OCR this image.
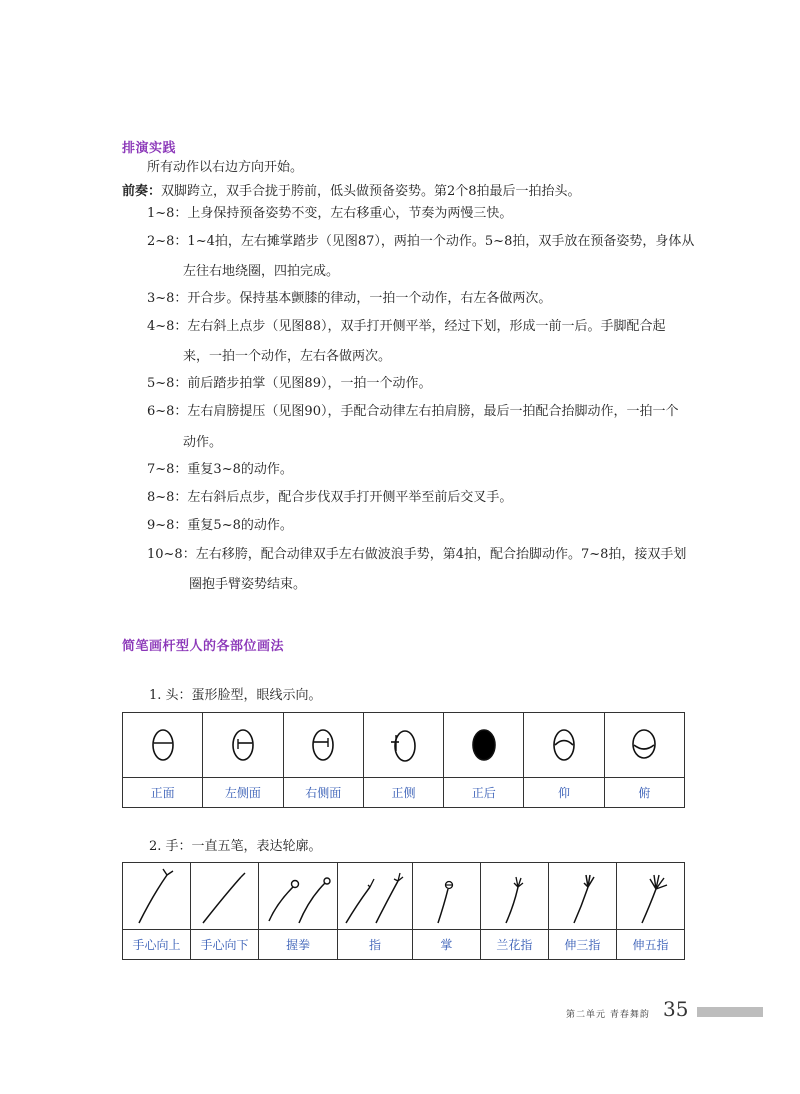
排演实践
所有动作以右边方向开始。
前奏：双脚跨立，双手合拢于胯前，低头做预备姿势。第2个8拍最后一拍抬头。
1~8：上身保持预备姿势不变，左右移重心，节奏为两慢三快。
2~8：1~4拍，左右摊掌踏步（见图87），两拍一个动作。5~8拍，双手放在预备姿势，身体从
左往右地绕圈，四拍完成。
3~8：开合步。保持基本颤膝的律动，一拍一个动作，右左各做两次。
4~8：左右斜上点步（见图88），双手打开侧平举，经过下划，形成一前一后。手脚配合起
来，一拍一个动作，左右各做两次。
5~8：前后踏步拍掌（见图89），一拍一个动作。
6~8：左右肩膀提压（见图90），手配合动律左右拍肩膀，最后一拍配合抬脚动作，一拍一个
动作。
7~8：重复3~8的动作。
8~8：左右斜后点步，配合步伐双手打开侧平举至前后交叉手。
9~8：重复5~8的动作。
10~8：左右移胯，配合动律双手左右做波浪手势，第4拍，配合抬脚动作。7~8拍，接双手划
圈抱手臂姿势结束。
简笔画杆型人的各部位画法
1. 头：蛋形脸型，眼线示向。

正面	左侧面	右侧面	正侧	正后	仰	俯
2. 手：一直五笔，表达轮廓。

手心向上	手心向下	握拳	指	掌	兰花指	伸三指	伸五指
第二单元 青春舞韵 35
